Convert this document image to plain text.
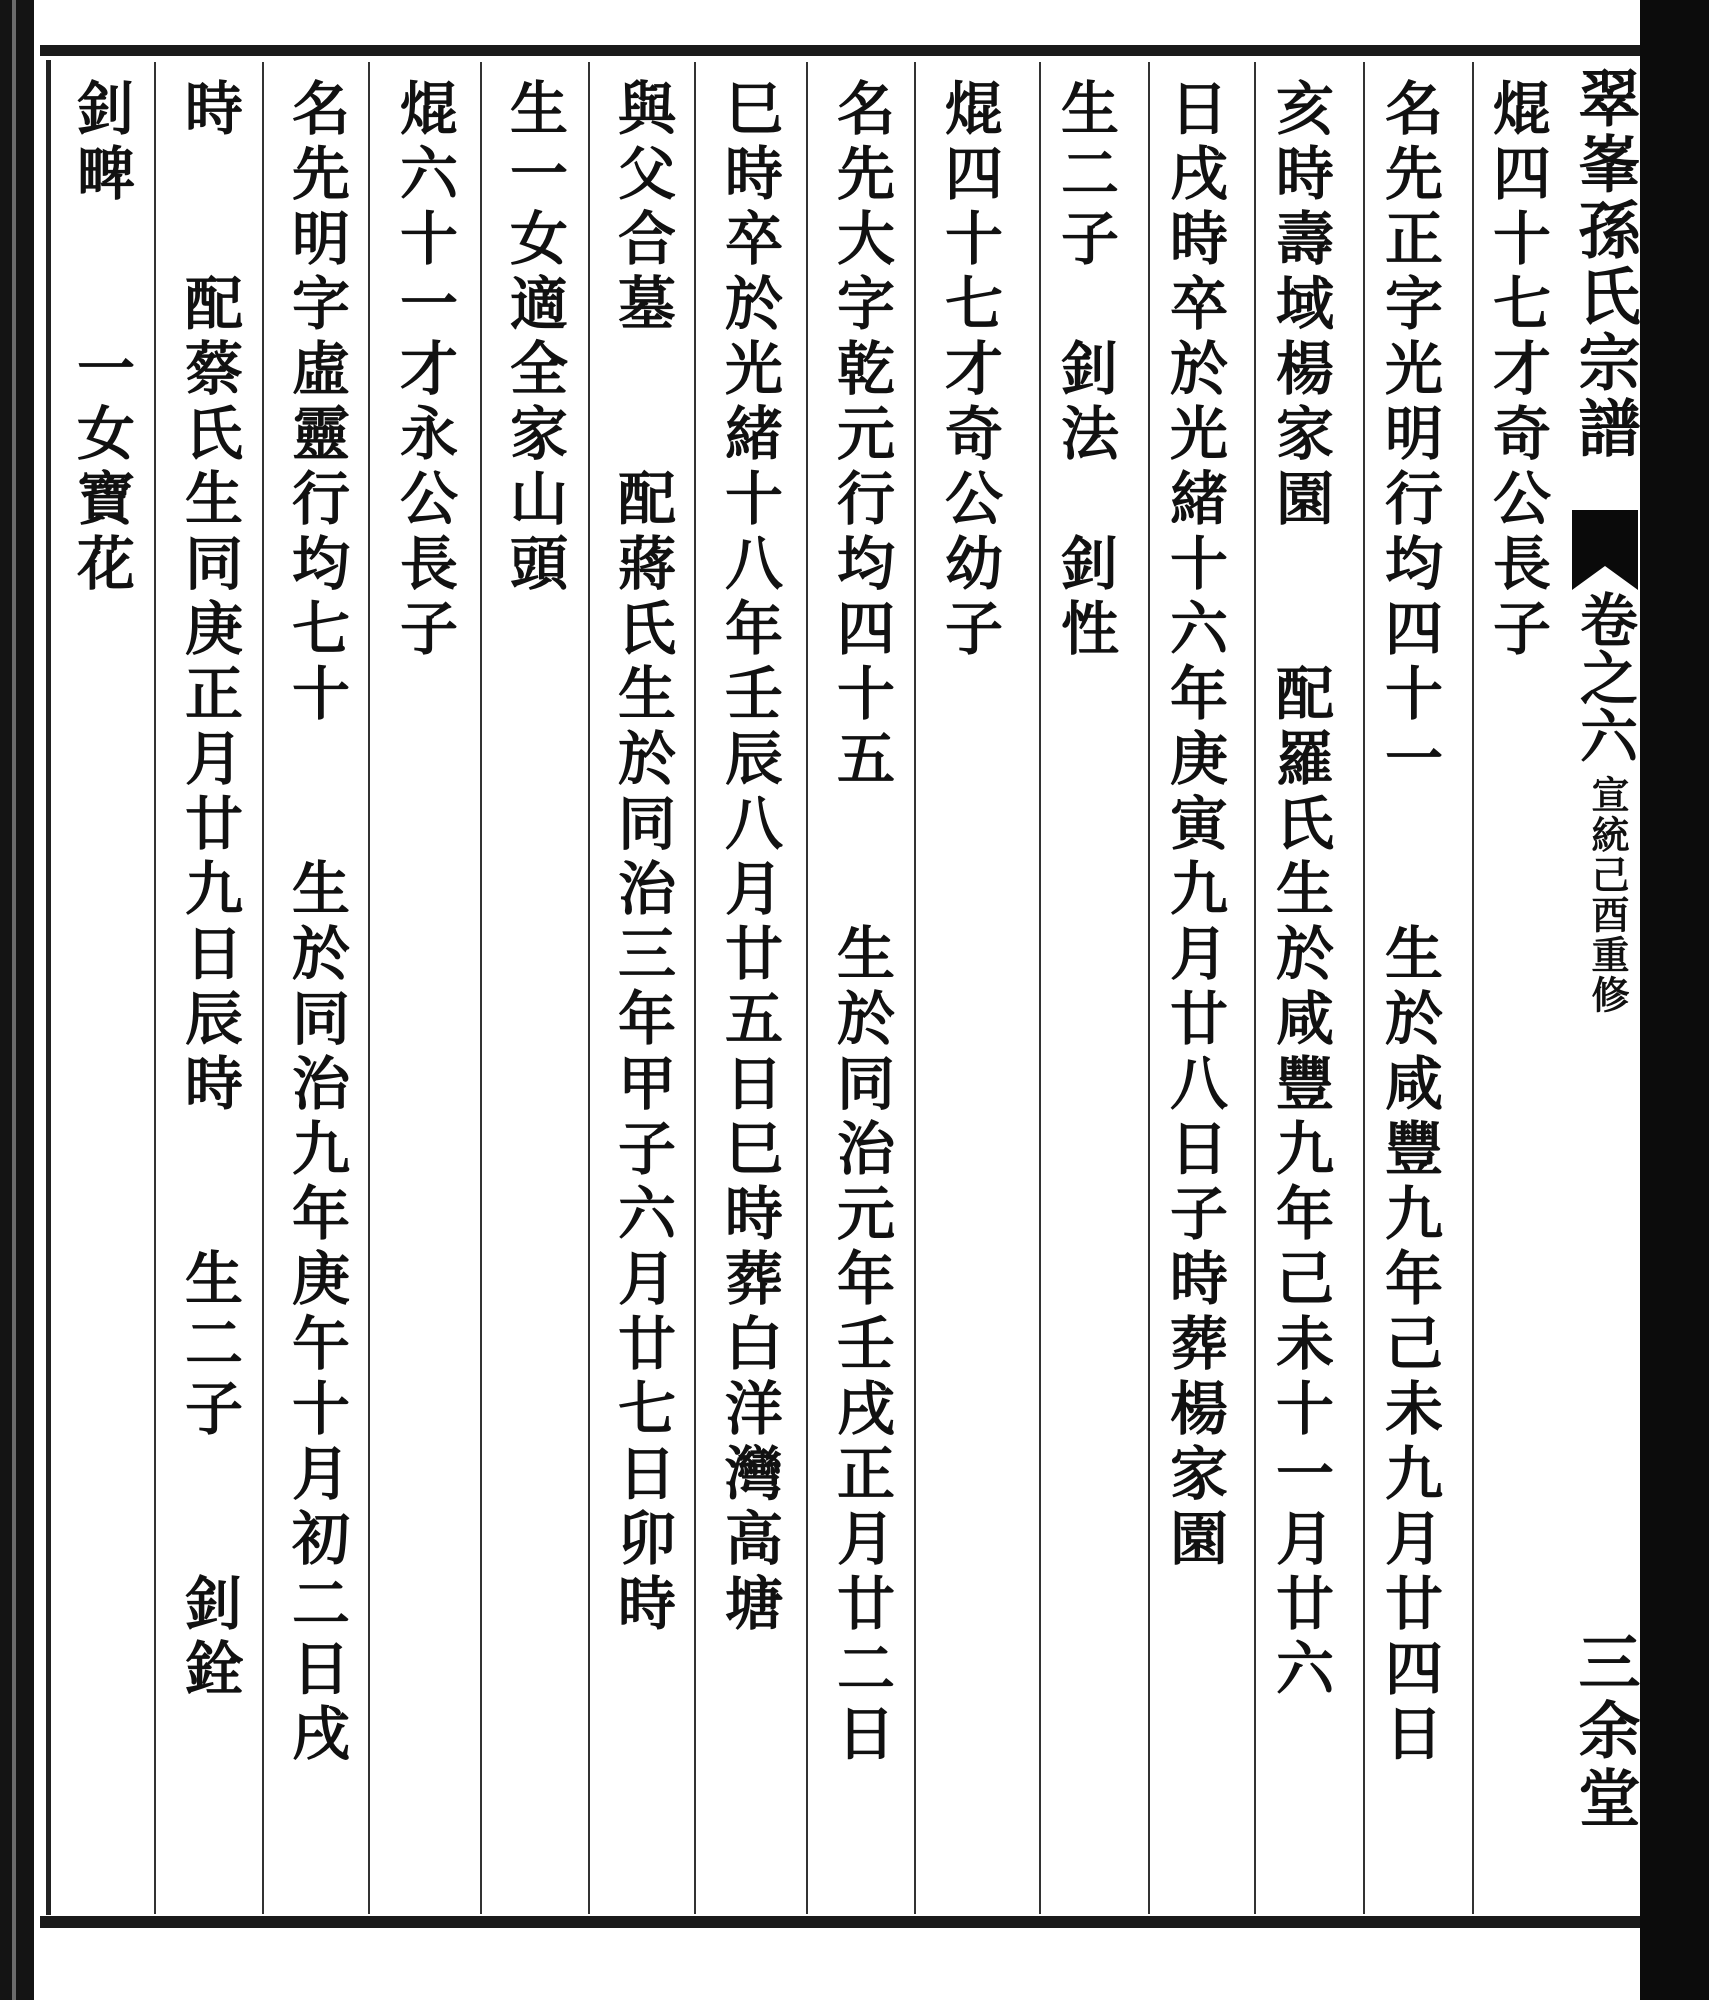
翠峯孫氏宗譜
卷之六
宣統己酉重修
三余堂
焜四十七才奇公長子
名先正字光明行均四十一　　生於咸豐九年己未九月廿四日
亥時壽域楊家園　　配羅氏生於咸豐九年己未十一月廿六
日戌時卒於光緒十六年庚寅九月廿八日子時葬楊家園
生二子　釗法　釗性
焜四十七才奇公幼子
名先大字乾元行均四十五　　生於同治元年壬戌正月廿二日
巳時卒於光緒十八年壬辰八月廿五日巳時葬白洋灣高塘
與父合墓　　配蔣氏生於同治三年甲子六月廿七日卯時
生一女適全家山頭
焜六十一才永公長子
名先明字虛靈行均七十　　生於同治九年庚午十月初二日戌
時　　配蔡氏生同庚正月廿九日辰時　　生二子　　釗銓
釗㽡　　一女寶花
